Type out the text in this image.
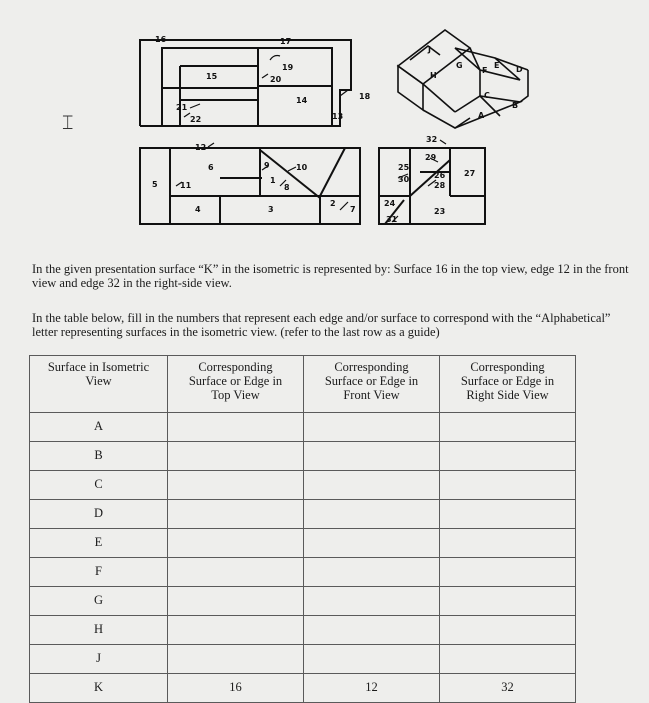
16	17
15
19
20
18
14
13
21
22
12
6	9	10
5	11
1
8
4	3
2
7
32
29
25
30	26
28
27
24
23
31
J
G
F
E D
H
C
A
B
⌶

In the given presentation surface “K” in the isometric is represented by: Surface 16 in the top view, edge 12 in the front view and edge 32 in the right-side view.

In the table below, fill in the numbers that represent each edge and/or surface to correspond with the “Alphabetical” letter representing surfaces in the isometric view. (refer to the last row as a guide)

Surface in Isometric
View	Corresponding
Surface or Edge in
Top View	Corresponding
Surface or Edge in
Front View	Corresponding
Surface or Edge in
Right Side View

A			
B			
C			
D			
E			
F			
G			
H			
J			
K	16	12	32
